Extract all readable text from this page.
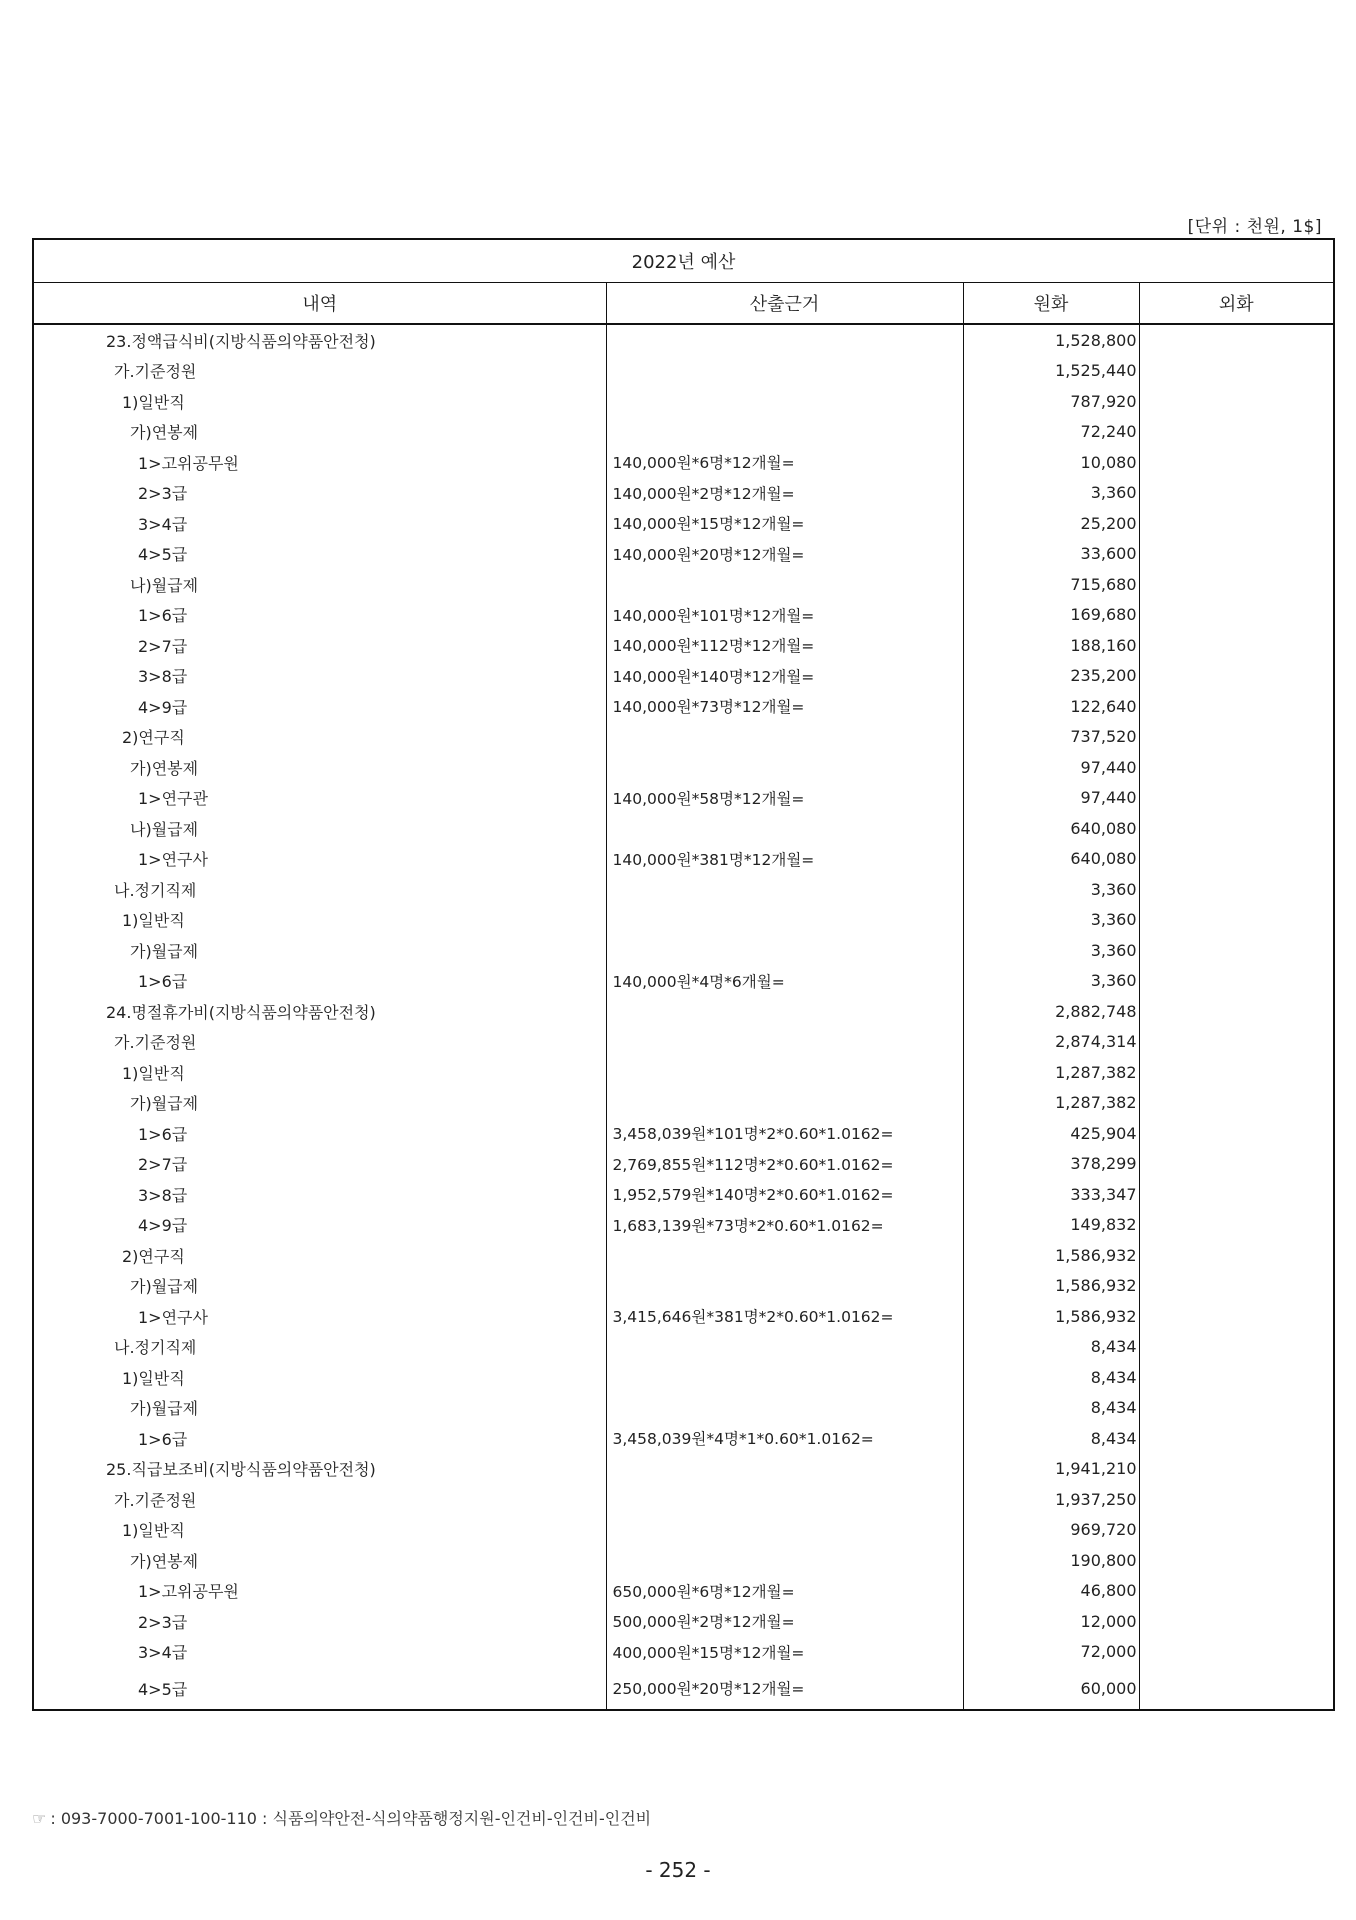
[단위 : 천원, 1$]
2022년 예산			
내역	산출근거	원화	외화
23.정액급식비(지방식품의약품안전청)		1,528,800	
가.기준정원		1,525,440	
1)일반직		787,920	
가)연봉제		72,240	
1>고위공무원	140,000원*6명*12개월=	10,080	
2>3급	140,000원*2명*12개월=	3,360	
3>4급	140,000원*15명*12개월=	25,200	
4>5급	140,000원*20명*12개월=	33,600	
나)월급제		715,680	
1>6급	140,000원*101명*12개월=	169,680	
2>7급	140,000원*112명*12개월=	188,160	
3>8급	140,000원*140명*12개월=	235,200	
4>9급	140,000원*73명*12개월=	122,640	
2)연구직		737,520	
가)연봉제		97,440	
1>연구관	140,000원*58명*12개월=	97,440	
나)월급제		640,080	
1>연구사	140,000원*381명*12개월=	640,080	
나.정기직제		3,360	
1)일반직		3,360	
가)월급제		3,360	
1>6급	140,000원*4명*6개월=	3,360	
24.명절휴가비(지방식품의약품안전청)		2,882,748	
가.기준정원		2,874,314	
1)일반직		1,287,382	
가)월급제		1,287,382	
1>6급	3,458,039원*101명*2*0.60*1.0162=	425,904	
2>7급	2,769,855원*112명*2*0.60*1.0162=	378,299	
3>8급	1,952,579원*140명*2*0.60*1.0162=	333,347	
4>9급	1,683,139원*73명*2*0.60*1.0162=	149,832	
2)연구직		1,586,932	
가)월급제		1,586,932	
1>연구사	3,415,646원*381명*2*0.60*1.0162=	1,586,932	
나.정기직제		8,434	
1)일반직		8,434	
가)월급제		8,434	
1>6급	3,458,039원*4명*1*0.60*1.0162=	8,434	
25.직급보조비(지방식품의약품안전청)		1,941,210	
가.기준정원		1,937,250	
1)일반직		969,720	
가)연봉제		190,800	
1>고위공무원	650,000원*6명*12개월=	46,800	
2>3급	500,000원*2명*12개월=	12,000	
3>4급	400,000원*15명*12개월=	72,000	
4>5급	250,000원*20명*12개월=	60,000	
☞ : 093-7000-7001-100-110 : 식품의약안전-식의약품행정지원-인건비-인건비-인건비
- 252 -
